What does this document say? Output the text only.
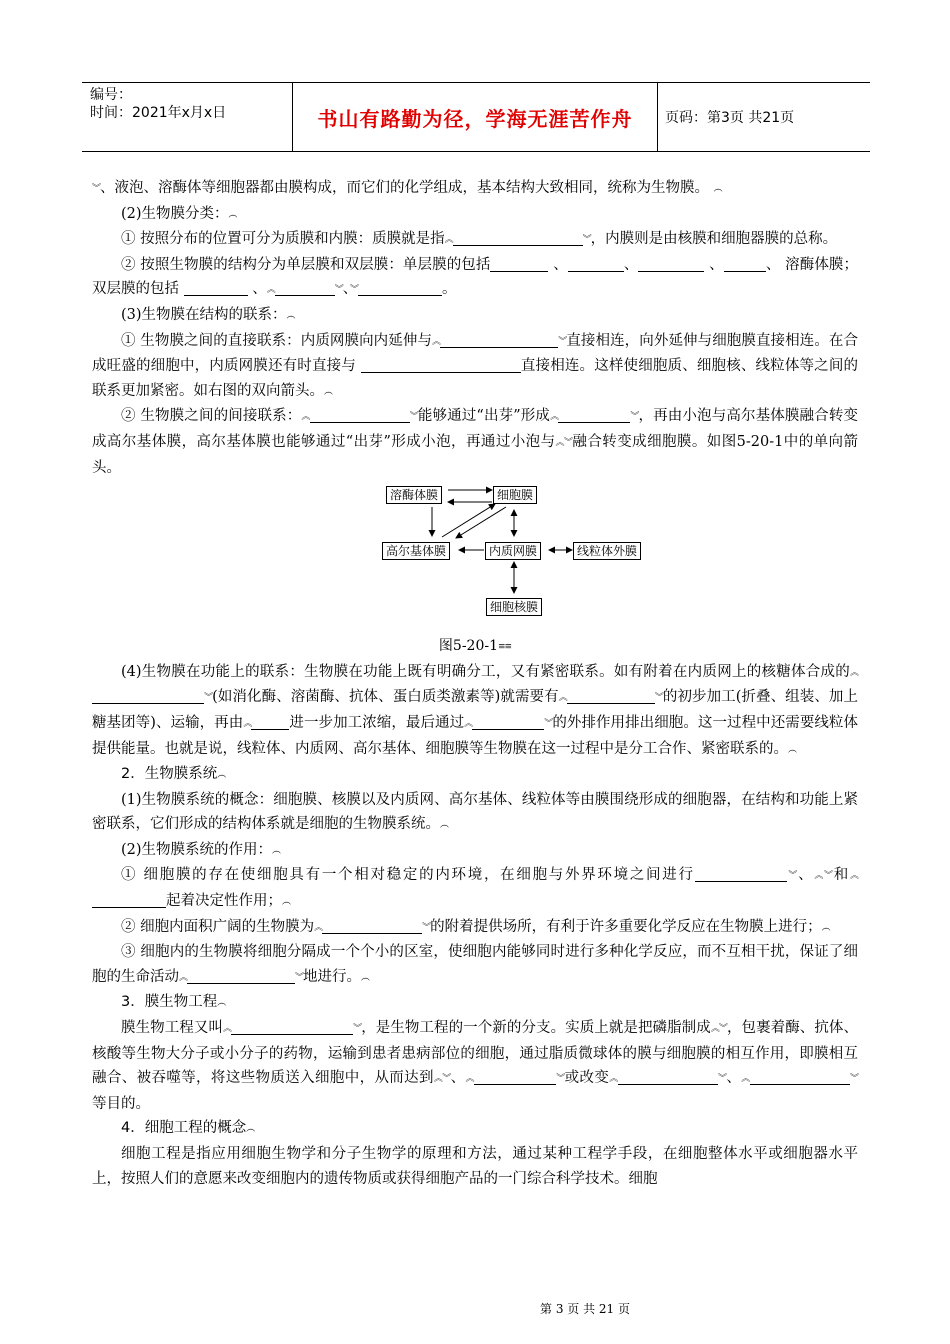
编号：
时间：2021年x月x日	书山有路勤为径，学海无涯苦作舟	页码：第3页 共21页

︾、液泡、溶酶体等细胞器都由膜构成，而它们的化学组成，基本结构大致相同，统称为生物膜。 ︵

(2)生物膜分类：︵

① 按照分布的位置可分为质膜和内膜：质膜就是指︽	︾，内膜则是由核膜和细胞器膜的总称。

② 按照生物膜的结构分为单层膜和双层膜：单层膜的包括	、	、	、	、 溶酶体膜；双层膜的包括	、︽	︾、︾	。

(3)生物膜在结构的联系：︵

① 生物膜之间的直接联系：内质网膜向内延伸与︽	︾直接相连，向外延伸与细胞膜直接相连。在合成旺盛的细胞中，内质网膜还有时直接与	直接相连。这样使细胞质、细胞核、线粒体等之间的联系更加紧密。如右图的双向箭头。︵

② 生物膜之间的间接联系：︽	︾能够通过“出芽”形成︽	︾，再由小泡与高尔基体膜融合转变成高尔基体膜，高尔基体膜也能够通过“出芽”形成小泡，再通过小泡与︽︾融合转变成细胞膜。如图5-20-1中的单向箭头。

溶酶体膜	细胞膜
高尔基体膜	内质网膜	线粒体外膜
细胞核膜

图5-20-1≡≡

(4)生物膜在功能上的联系：生物膜在功能上既有明确分工，又有紧密联系。如有附着在内质网上的核糖体合成的︽︾(如消化酶、溶菌酶、抗体、蛋白质类激素等)就需要有︽	︾的初步加工(折叠、组装、加上糖基团等)、运输，再由︽	进一步加工浓缩，最后通过︽	︾的外排作用排出细胞。这一过程中还需要线粒体提供能量。也就是说，线粒体、内质网、高尔基体、细胞膜等生物膜在这一过程中是分工合作、紧密联系的。︵

2．生物膜系统︵

(1)生物膜系统的概念：细胞膜、核膜以及内质网、高尔基体、线粒体等由膜围绕形成的细胞器，在结构和功能上紧密联系，它们形成的结构体系就是细胞的生物膜系统。︵

(2)生物膜系统的作用：︵

① 细胞膜的存在使细胞具有一个相对稳定的内环境，在细胞与外界环境之间进行	︾、︽︾和︽起着决定性作用；︵

② 细胞内面积广阔的生物膜为︽	︾的附着提供场所，有利于许多重要化学反应在生物膜上进行；︵

③ 细胞内的生物膜将细胞分隔成一个个小的区室，使细胞内能够同时进行多种化学反应，而不互相干扰，保证了细胞的生命活动︽	︾地进行。︵

3．膜生物工程︵

膜生物工程又叫︽	︾，是生物工程的一个新的分支。实质上就是把磷脂制成︽︾，包裹着酶、抗体、核酸等生物大分子或小分子的药物，运输到患者患病部位的细胞，通过脂质微球体的膜与细胞膜的相互作用，即膜相互融合、被吞噬等，将这些物质送入细胞中，从而达到︽︾、︽	︾或改变︽	︾、︽	︾等目的。

4．细胞工程的概念︵

细胞工程是指应用细胞生物学和分子生物学的原理和方法，通过某种工程学手段，在细胞整体水平或细胞器水平上，按照人们的意愿来改变细胞内的遗传物质或获得细胞产品的一门综合科学技术。细胞

第 3 页 共 21 页
